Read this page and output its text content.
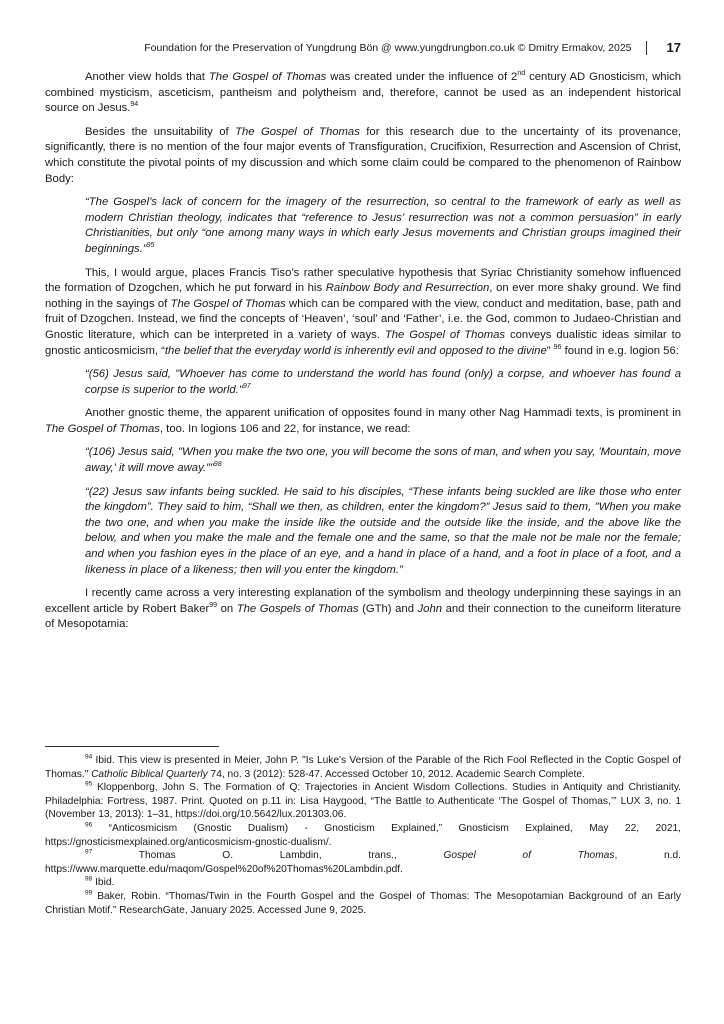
Foundation for the Preservation of Yungdrung Bön @ www.yungdrungbon.co.uk © Dmitry Ermakov, 2025	17

Another view holds that The Gospel of Thomas was created under the influence of 2nd century AD Gnosticism, which combined mysticism, asceticism, pantheism and polytheism and, therefore, cannot be used as an independent historical source on Jesus.$^{94}$

Besides the unsuitability of The Gospel of Thomas for this research due to the uncertainty of its provenance, significantly, there is no mention of the four major events of Transfiguration, Crucifixion, Resurrection and Ascension of Christ, which constitute the pivotal points of my discussion and which some claim could be compared to the phenomenon of Rainbow Body:

“The Gospel’s lack of concern for the imagery of the resurrection, so central to the framework of early as well as modern Christian theology, indicates that “reference to Jesus’ resurrection was not a common persuasion” in early Christianities, but only “one among many ways in which early Jesus movements and Christian groups imagined their beginnings.”$^{95}$

This, I would argue, places Francis Tiso’s rather speculative hypothesis that Syriac Christianity somehow influenced the formation of Dzogchen, which he put forward in his Rainbow Body and Resurrection, on ever more shaky ground. We find nothing in the sayings of The Gospel of Thomas which can be compared with the view, conduct and meditation, base, path and fruit of Dzogchen. Instead, we find the concepts of ‘Heaven’, ‘soul’ and ‘Father’, i.e. the God, common to Judaeo-Christian and Gnostic literature, which can be interpreted in a variety of ways. The Gospel of Thomas conveys dualistic ideas similar to gnostic anticosmicism, “the belief that the everyday world is inherently evil and opposed to the divine” $^{96}$ found in e.g. logion 56:

“(56) Jesus said, "Whoever has come to understand the world has found (only) a corpse, and whoever has found a corpse is superior to the world."$^{97}$

Another gnostic theme, the apparent unification of opposites found in many other Nag Hammadi texts, is prominent in The Gospel of Thomas, too. In logions 106 and 22, for instance, we read:

“(106) Jesus said, "When you make the two one, you will become the sons of man, and when you say, 'Mountain, move away,' it will move away."”$^{98}$

“(22) Jesus saw infants being suckled. He said to his disciples, “These infants being suckled are like those who enter the kingdom”. They said to him, “Shall we then, as children, enter the kingdom?” Jesus said to them, "When you make the two one, and when you make the inside like the outside and the outside like the inside, and the above like the below, and when you make the male and the female one and the same, so that the male not be male nor the female; and when you fashion eyes in the place of an eye, and a hand in place of a hand, and a foot in place of a foot, and a likeness in place of a likeness; then will you enter the kingdom.”

I recently came across a very interesting explanation of the symbolism and theology underpinning these sayings in an excellent article by Robert Baker$^{99}$ on The Gospels of Thomas (GTh) and John and their connection to the cuneiform literature of Mesopotamia:

$^{94}$ Ibid. This view is presented in Meier, John P. "Is Luke's Version of the Parable of the Rich Fool Reflected in the Coptic Gospel of Thomas." Catholic Biblical Quarterly 74, no. 3 (2012): 528-47. Accessed October 10, 2012. Academic Search Complete.

$^{95}$ Kloppenborg, John S. The Formation of Q: Trajectories in Ancient Wisdom Collections. Studies in Antiquity and Christianity. Philadelphia: Fortress, 1987. Print. Quoted on p.11 in: Lisa Haygood, “The Battle to Authenticate ‘The Gospel of Thomas,’” LUX 3, no. 1 (November 13, 2013): 1–31, https://doi.org/10.5642/lux.201303.06.

$^{96}$ “Anticosmicism (Gnostic Dualism) - Gnosticism Explained,” Gnosticism Explained, May 22, 2021, https://gnosticismexplained.org/anticosmicism-gnostic-dualism/.

$^{97}$	Thomas O. Lambdin, trans., Gospel of Thomas, n.d. https://www.marquette.edu/maqom/Gospel%20of%20Thomas%20Lambdin.pdf.

$^{98}$ Ibid.

$^{99}$ Baker, Robin. “Thomas/Twin in the Fourth Gospel and the Gospel of Thomas: The Mesopotamian Background of an Early Christian Motif.” ResearchGate, January 2025. Accessed June 9, 2025.
